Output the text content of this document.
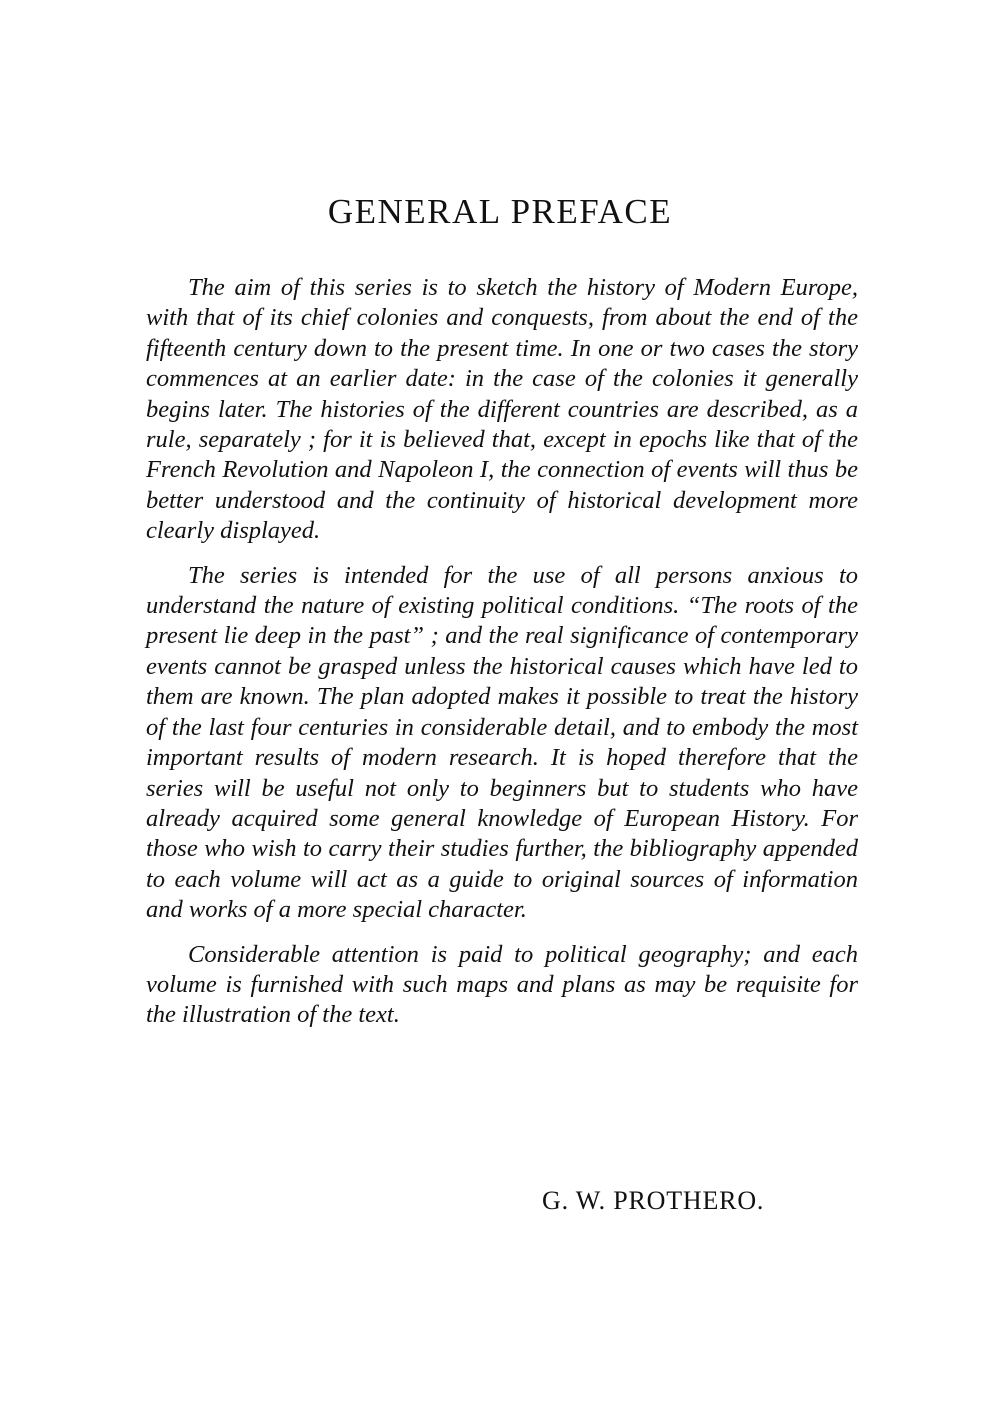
GENERAL PREFACE

The aim of this series is to sketch the history of Modern Europe, with that of its chief colonies and conquests, from about the end of the fifteenth century down to the present time. In one or two cases the story commences at an earlier date: in the case of the colonies it generally begins later. The histories of the different countries are described, as a rule, separately ; for it is believed that, except in epochs like that of the French Revolution and Napoleon I, the connection of events will thus be better understood and the continuity of historical development more clearly displayed.

The series is intended for the use of all persons anxious to understand the nature of existing political conditions. “The roots of the present lie deep in the past” ; and the real significance of contemporary events cannot be grasped unless the historical causes which have led to them are known. The plan adopted makes it possible to treat the history of the last four centuries in considerable detail, and to embody the most important results of modern research. It is hoped therefore that the series will be useful not only to beginners but to students who have already acquired some general knowledge of European History. For those who wish to carry their studies further, the bibliography appended to each volume will act as a guide to original sources of information and works of a more special character.

Considerable attention is paid to political geography; and each volume is furnished with such maps and plans as may be requisite for the illustration of the text.

G. W. PROTHERO.
